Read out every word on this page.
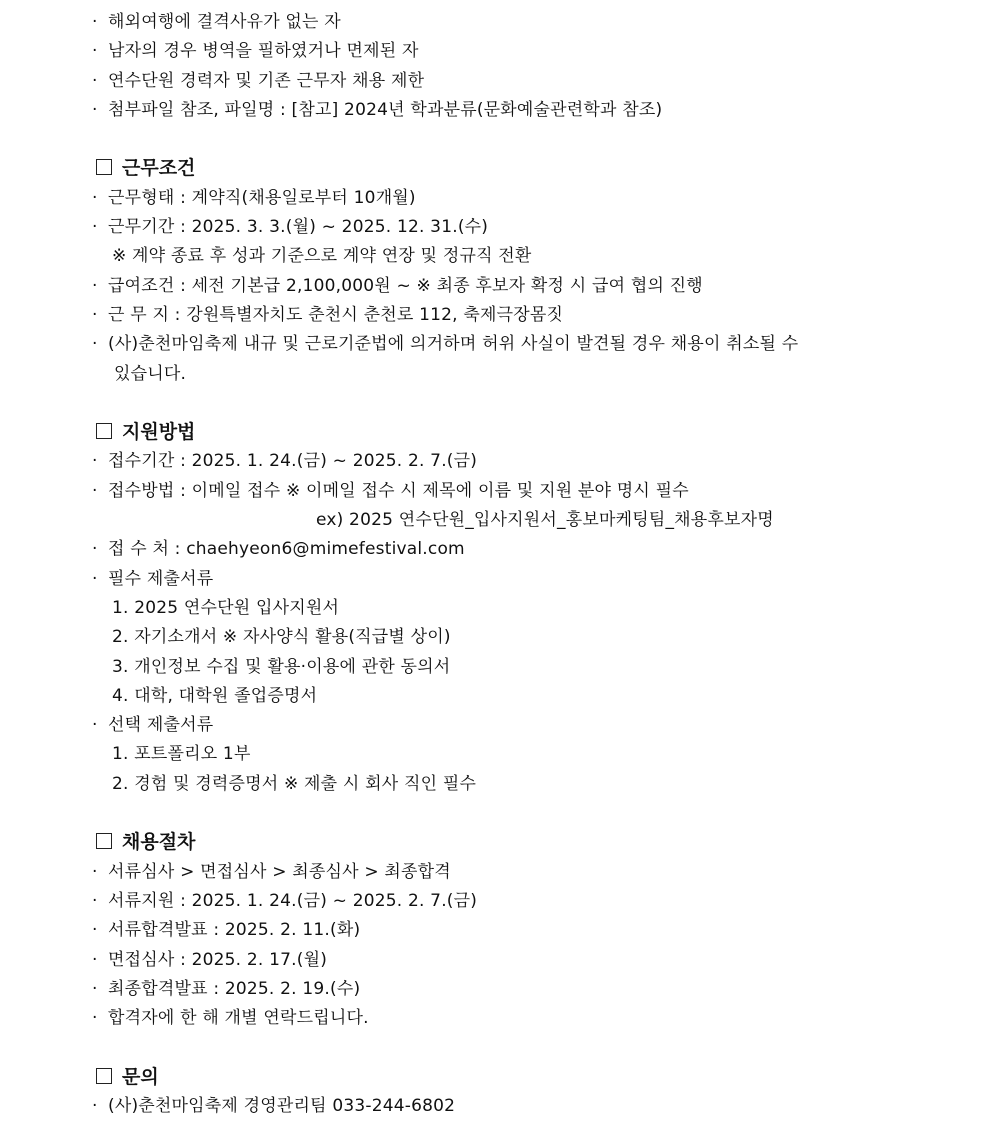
· 해외여행에 결격사유가 없는 자
· 남자의 경우 병역을 필하였거나 면제된 자
· 연수단원 경력자 및 기존 근무자 채용 제한
· 첨부파일 참조, 파일명 : [참고] 2024년 학과분류(문화예술관련학과 참조)
근무조건
· 근무형태 : 계약직(채용일로부터 10개월)
· 근무기간 : 2025. 3. 3.(월) ~ 2025. 12. 31.(수)
※ 계약 종료 후 성과 기준으로 계약 연장 및 정규직 전환
· 급여조건 : 세전 기본급 2,100,000원 ~ ※ 최종 후보자 확정 시 급여 협의 진행
· 근 무 지 : 강원특별자치도 춘천시 춘천로 112, 축제극장몸짓
· (사)춘천마임축제 내규 및 근로기준법에 의거하며 허위 사실이 발견될 경우 채용이 취소될 수
있습니다.
지원방법
· 접수기간 : 2025. 1. 24.(금) ~ 2025. 2. 7.(금)
· 접수방법 : 이메일 접수 ※ 이메일 접수 시 제목에 이름 및 지원 분야 명시 필수
ex) 2025 연수단원_입사지원서_홍보마케팅팀_채용후보자명
· 접 수 처 : chaehyeon6@mimefestival.com
· 필수 제출서류
1. 2025 연수단원 입사지원서
2. 자기소개서 ※ 자사양식 활용(직급별 상이)
3. 개인정보 수집 및 활용·이용에 관한 동의서
4. 대학, 대학원 졸업증명서
· 선택 제출서류
1. 포트폴리오 1부
2. 경험 및 경력증명서 ※ 제출 시 회사 직인 필수
채용절차
· 서류심사 > 면접심사 > 최종심사 > 최종합격
· 서류지원 : 2025. 1. 24.(금) ~ 2025. 2. 7.(금)
· 서류합격발표 : 2025. 2. 11.(화)
· 면접심사 : 2025. 2. 17.(월)
· 최종합격발표 : 2025. 2. 19.(수)
· 합격자에 한 해 개별 연락드립니다.
문의
· (사)춘천마임축제 경영관리팀 033-244-6802
